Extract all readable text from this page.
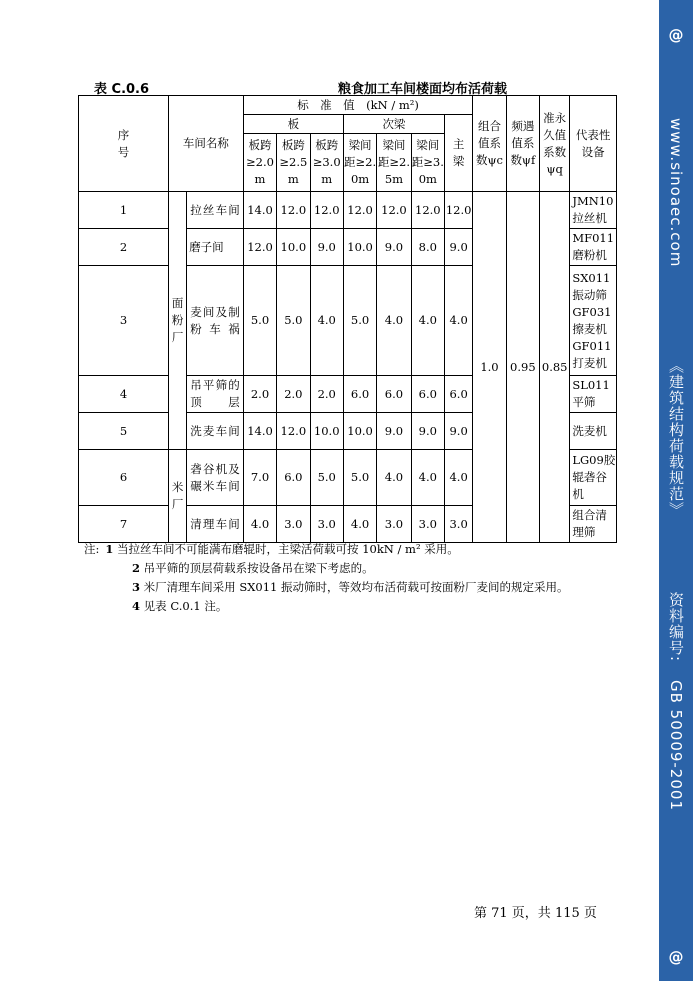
@
www.sinoaec.com
《建筑结构荷载规范》
资料编号:
GB 50009-2001
@
表 C.0.6	粮食加工车间楼面均布活荷载
序号	车间名称		标　准　值　(kN / m²)							组合值系数ψc	频遇值系数ψf	准永久值系数ψq	代表性设备
			板			次梁			主梁				

			板跨≥2.0m	板跨≥2.5m	板跨≥3.0m	梁间距≥2.0m	梁间距≥2.5m	梁间距≥3.0m					
1	面粉厂	拉丝车间	14.0	12.0	12.0	12.0	12.0	12.0	12.0	1.0	0.95	0.85	JMN10拉丝机
2		磨子间	12.0	10.0	9.0	10.0	9.0	8.0	9.0				MF011磨粉机
3		麦间及制粉车祸	5.0	5.0	4.0	5.0	4.0	4.0	4.0				SX011振动筛GF031擦麦机GF011打麦机
4		吊平筛的顶层	2.0	2.0	2.0	6.0	6.0	6.0	6.0				SL011平筛
5		洗麦车间	14.0	12.0	10.0	10.0	9.0	9.0	9.0				洗麦机
6	米厂	砻谷机及碾米车间	7.0	6.0	5.0	5.0	4.0	4.0	4.0				LG09胶辊砻谷机
7		清理车间	4.0	3.0	3.0	4.0	3.0	3.0	3.0				组合清理筛
注: 1 当拉丝车间不可能满布磨辊时，主梁活荷载可按 10kN / m² 采用。
2 吊平筛的顶层荷载系按设备吊在梁下考虑的。
3 米厂清理车间采用 SX011 振动筛时，等效均布活荷载可按面粉厂麦间的规定采用。
4 见表 C.0.1 注。
第 71 页，共 115 页
